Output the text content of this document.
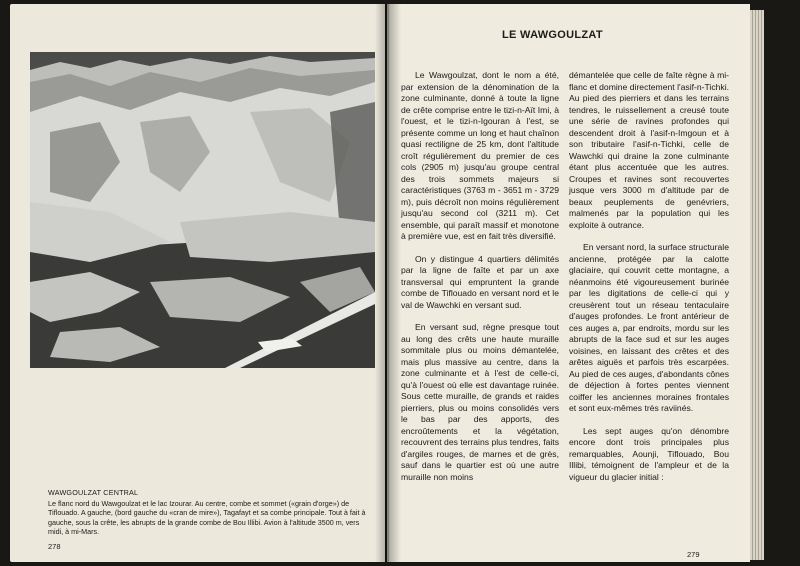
WAWGOULZAT CENTRAL
Le flanc nord du Wawgoulzat et le lac Izourar. Au centre, combe et sommet («grain d'orge») de Tiflouado. A gauche, (bord gauche du «cran de mire»), Tagafayt et sa combe principale. Tout à fait à gauche, sous la crête, les abrupts de la grande combe de Bou Illibi. Avion à l'altitude 3500 m, vers midi, à mi-Mars.
278
LE WAWGOULZAT

Le Wawgoulzat, dont le nom a été, par extension de la dénomination de la zone culminante, donné à toute la ligne de crête comprise entre le tizi-n-Aït Imi, à l'ouest, et le tizi-n-Igouran à l'est, se présente comme un long et haut chaînon quasi rectiligne de 25 km, dont l'altitude croît régulièrement du premier de ces cols (2905 m) jusqu'au groupe central des trois sommets majeurs si caractéristiques (3763 m - 3651 m - 3729 m), puis décroît non moins régulièrement jusqu'au second col (3211 m). Cet ensemble, qui paraît massif et monotone à première vue, est en fait très diversifié.

On y distingue 4 quartiers délimités par la ligne de faîte et par un axe transversal qui empruntent la grande combe de Tiflouado en versant nord et le val de Wawchki en versant sud.

En versant sud, règne presque tout au long des crêts une haute muraille sommitale plus ou moins démantelée, mais plus massive au centre, dans la zone culminante et à l'est de celle-ci, qu'à l'ouest où elle est davantage ruinée. Sous cette muraille, de grands et raides pierriers, plus ou moins consolidés vers le bas par des apports, des encroûtements et la végétation, recouvrent des terrains plus tendres, faits d'argiles rouges, de marnes et de grès, sauf dans le quartier est où une autre muraille non moins

démantelée que celle de faîte règne à mi-flanc et domine directement l'asif-n-Tichki. Au pied des pierriers et dans les terrains tendres, le ruissellement a creusé toute une série de ravines profondes qui descendent droit à l'asif-n-Imgoun et à son tributaire l'asif-n-Tichki, celle de Wawchki qui draine la zone culminante étant plus accentuée que les autres. Croupes et ravines sont recouvertes jusque vers 3000 m d'altitude par de beaux peuplements de genévriers, malmenés par la population qui les exploite à outrance.

En versant nord, la surface structurale ancienne, protégée par la calotte glaciaire, qui couvrit cette montagne, a néanmoins été vigoureusement burinée par les digitations de celle-ci qui y creusèrent tout un réseau tentaculaire d'auges profondes. Le front antérieur de ces auges a, par endroits, mordu sur les abrupts de la face sud et sur les auges voisines, en laissant des crêtes et des arêtes aiguës et parfois très escarpées. Au pied de ces auges, d'abondants cônes de déjection à fortes pentes viennent coiffer les anciennes moraines frontales et sont eux-mêmes très raviinés.

Les sept auges qu'on dénombre encore dont trois principales plus remarquables, Aounji, Tiflouado, Bou Illibi, témoignent de l'ampleur et de la vigueur du glacier initial :

279
